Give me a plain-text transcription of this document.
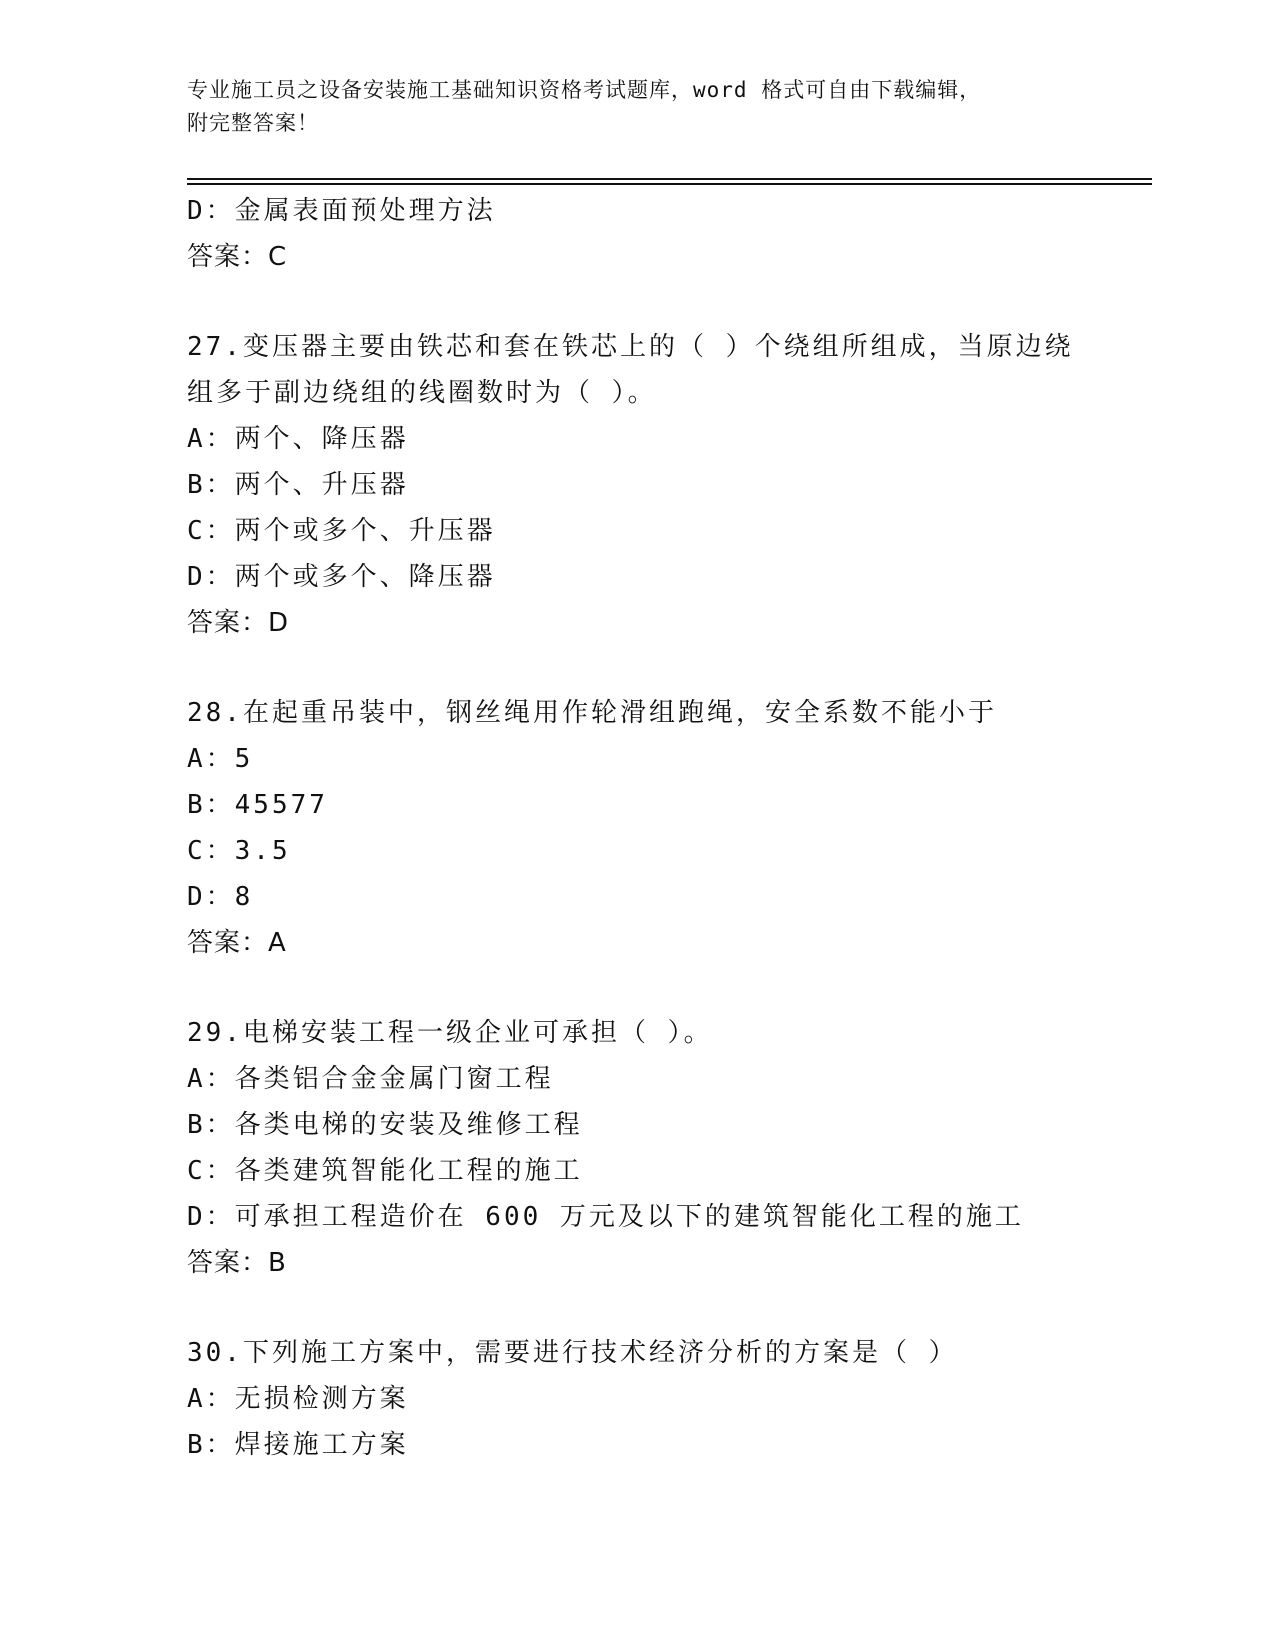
专业施工员之设备安装施工基础知识资格考试题库，word 格式可自由下载编辑，
附完整答案！
D：金属表面预处理方法
答案：C
27.变压器主要由铁芯和套在铁芯上的（ ）个绕组所组成，当原边绕
组多于副边绕组的线圈数时为（ ）。
A：两个、降压器
B：两个、升压器
C：两个或多个、升压器
D：两个或多个、降压器
答案：D
28.在起重吊装中，钢丝绳用作轮滑组跑绳，安全系数不能小于
A：5
B：45577
C：3.5
D：8
答案：A
29.电梯安装工程一级企业可承担（ ）。
A：各类铝合金金属门窗工程
B：各类电梯的安装及维修工程
C：各类建筑智能化工程的施工
D：可承担工程造价在 600 万元及以下的建筑智能化工程的施工
答案：B
30.下列施工方案中，需要进行技术经济分析的方案是（ ）
A：无损检测方案
B：焊接施工方案
